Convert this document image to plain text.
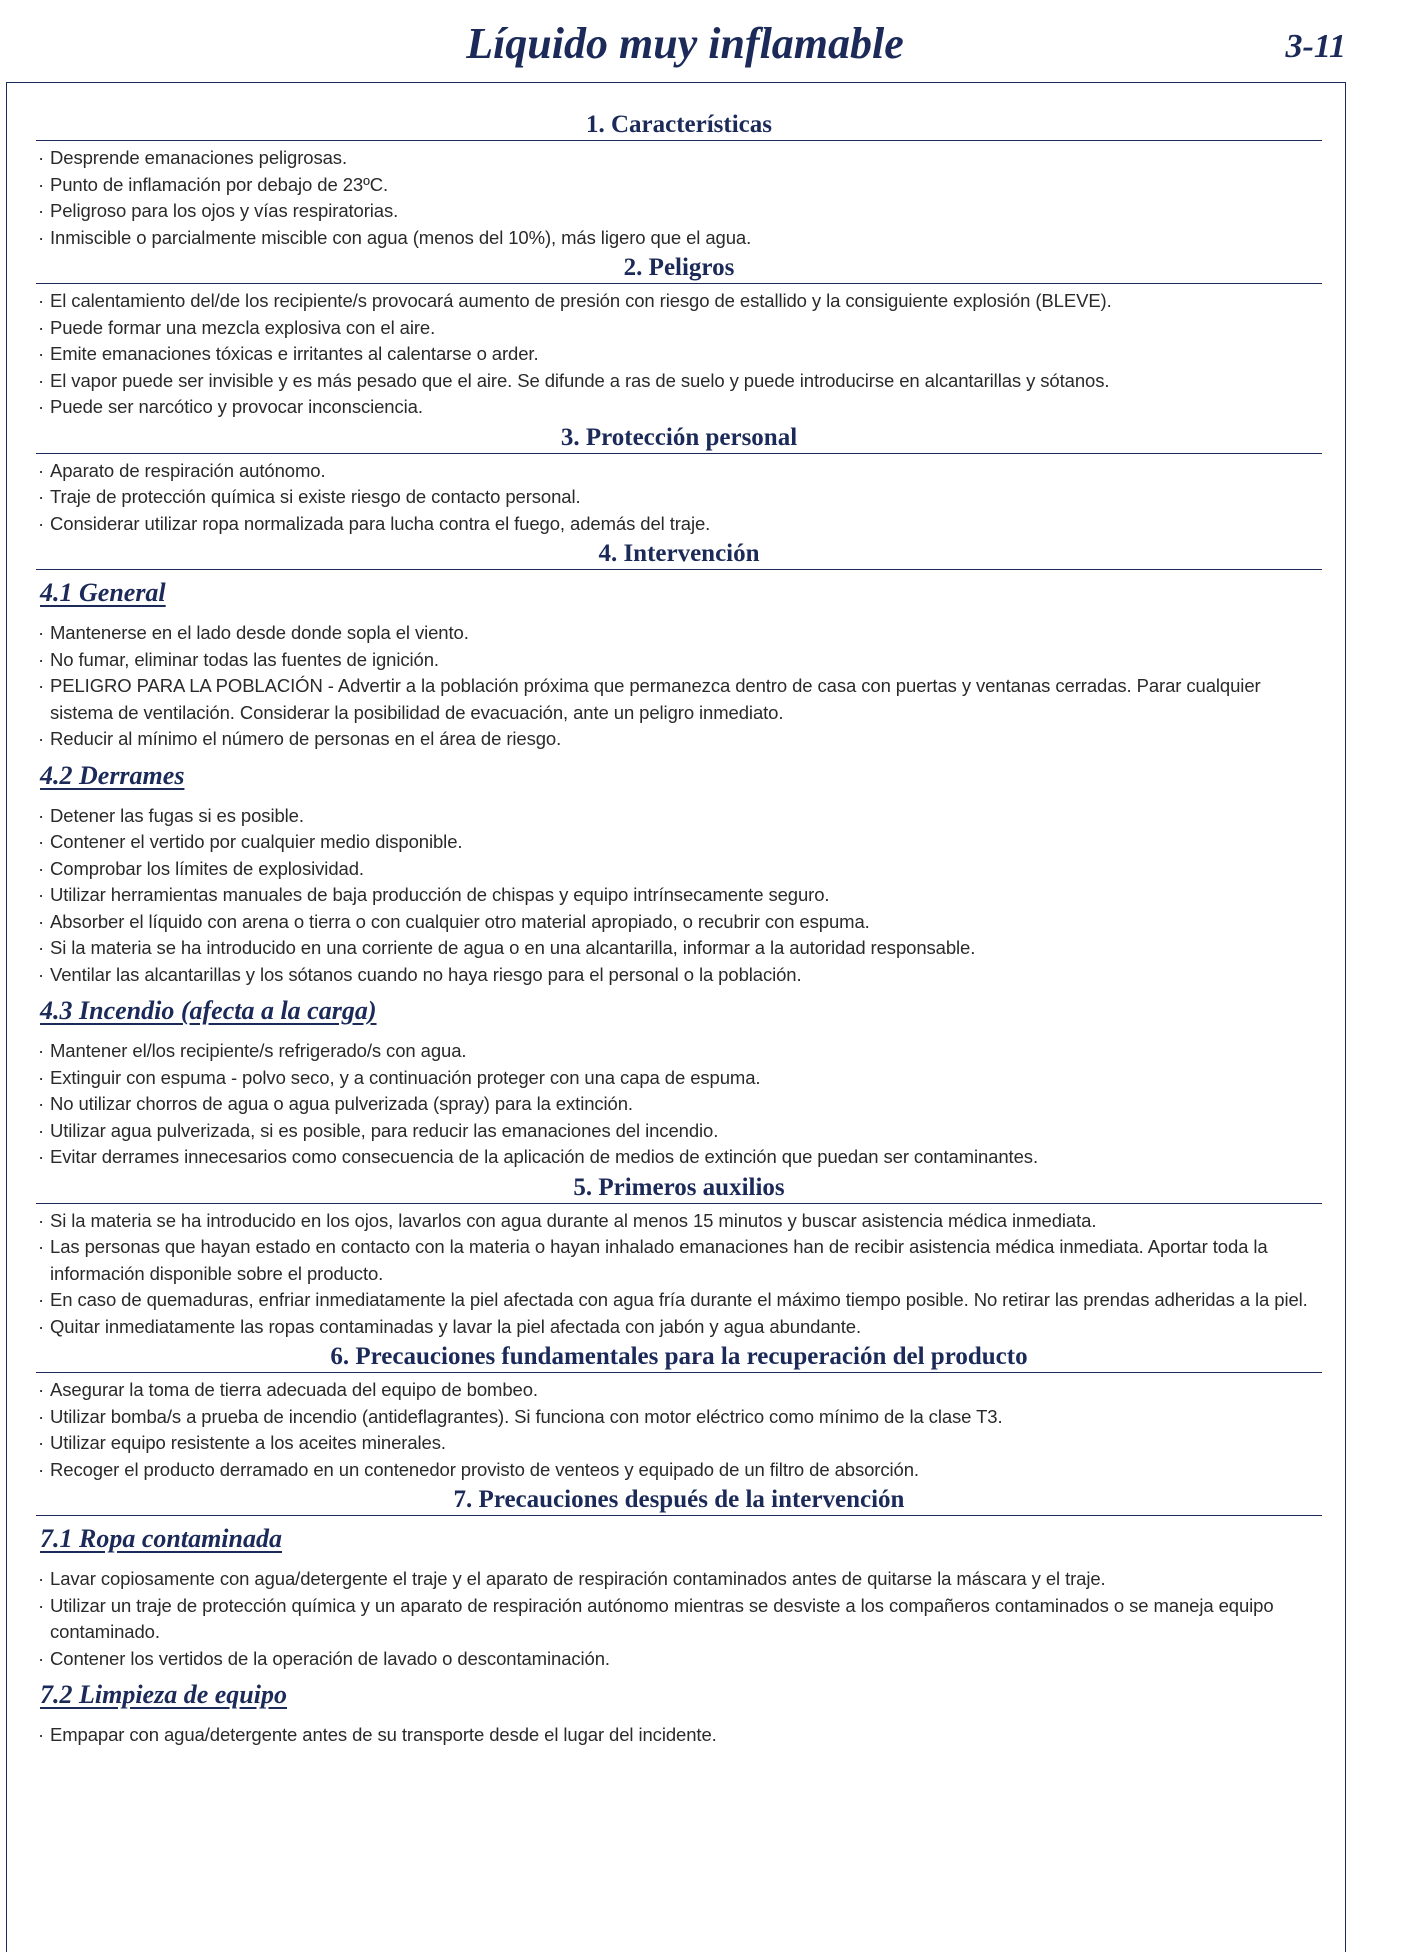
Líquido muy inflamable	3-11
1. Características
· Desprende emanaciones peligrosas.
· Punto de inflamación por debajo de 23ºC.
· Peligroso para los ojos y vías respiratorias.
· Inmiscible o parcialmente miscible con agua (menos del 10%), más ligero que el agua.
2. Peligros
· El calentamiento del/de los recipiente/s provocará aumento de presión con riesgo de estallido y la consiguiente explosión (BLEVE).
· Puede formar una mezcla explosiva con el aire.
· Emite emanaciones tóxicas e irritantes al calentarse o arder.
· El vapor puede ser invisible y es más pesado que el aire. Se difunde a ras de suelo y puede introducirse en alcantarillas y sótanos.
· Puede ser narcótico y provocar inconsciencia.
3. Protección personal
· Aparato de respiración autónomo.
· Traje de protección química si existe riesgo de contacto personal.
· Considerar utilizar ropa normalizada para lucha contra el fuego, además del traje.
4. Intervención
4.1 General
· Mantenerse en el lado desde donde sopla el viento.
· No fumar, eliminar todas las fuentes de ignición.
· PELIGRO PARA LA POBLACIÓN - Advertir a la población próxima que permanezca dentro de casa con puertas y ventanas cerradas. Parar cualquier sistema de ventilación. Considerar la posibilidad de evacuación, ante un peligro inmediato.
· Reducir al mínimo el número de personas en el área de riesgo.
4.2 Derrames
· Detener las fugas si es posible.
· Contener el vertido por cualquier medio disponible.
· Comprobar los límites de explosividad.
· Utilizar herramientas manuales de baja producción de chispas y equipo intrínsecamente seguro.
· Absorber el líquido con arena o tierra o con cualquier otro material apropiado, o recubrir con espuma.
· Si la materia se ha introducido en una corriente de agua o en una alcantarilla, informar a la autoridad responsable.
· Ventilar las alcantarillas y los sótanos cuando no haya riesgo para el personal o la población.
4.3 Incendio (afecta a la carga)
· Mantener el/los recipiente/s refrigerado/s con agua.
· Extinguir con espuma - polvo seco, y a continuación proteger con una capa de espuma.
· No utilizar chorros de agua o agua pulverizada (spray) para la extinción.
· Utilizar agua pulverizada, si es posible, para reducir las emanaciones del incendio.
· Evitar derrames innecesarios como consecuencia de la aplicación de medios de extinción que puedan ser contaminantes.
5. Primeros auxilios
· Si la materia se ha introducido en los ojos, lavarlos con agua durante al menos 15 minutos y buscar asistencia médica inmediata.
· Las personas que hayan estado en contacto con la materia o hayan inhalado emanaciones han de recibir asistencia médica inmediata. Aportar toda la información disponible sobre el producto.
· En caso de quemaduras, enfriar inmediatamente la piel afectada con agua fría durante el máximo tiempo posible. No retirar las prendas adheridas a la piel.
· Quitar inmediatamente las ropas contaminadas y lavar la piel afectada con jabón y agua abundante.
6. Precauciones fundamentales para la recuperación del producto
· Asegurar la toma de tierra adecuada del equipo de bombeo.
· Utilizar bomba/s a prueba de incendio (antideflagrantes). Si funciona con motor eléctrico como mínimo de la clase T3.
· Utilizar equipo resistente a los aceites minerales.
· Recoger el producto derramado en un contenedor provisto de venteos y equipado de un filtro de absorción.
7. Precauciones después de la intervención
7.1 Ropa contaminada
· Lavar copiosamente con agua/detergente el traje y el aparato de respiración contaminados antes de quitarse la máscara y el traje.
· Utilizar un traje de protección química y un aparato de respiración autónomo mientras se desviste a los compañeros contaminados o se maneja equipo contaminado.
· Contener los vertidos de la operación de lavado o descontaminación.
7.2 Limpieza de equipo
· Empapar con agua/detergente antes de su transporte desde el lugar del incidente.
